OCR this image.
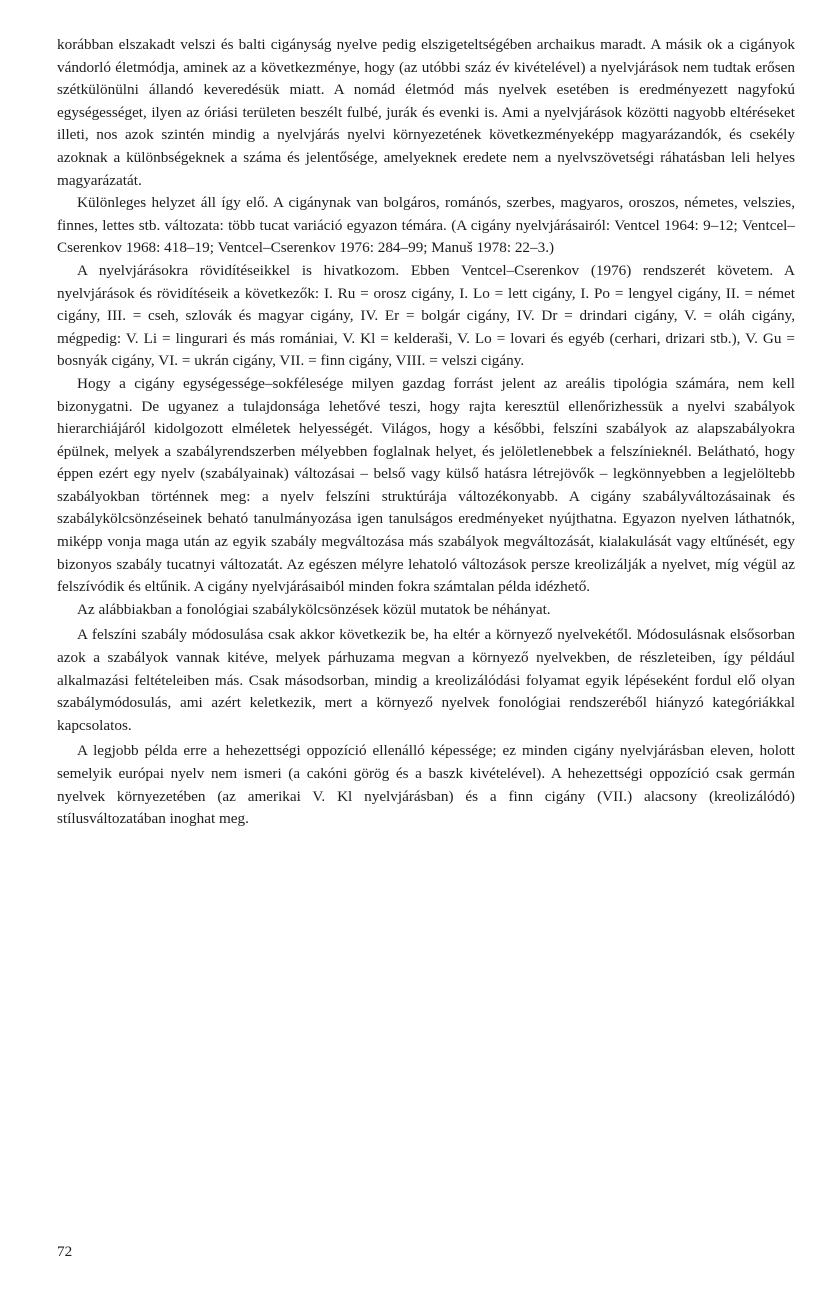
korábban elszakadt velszi és balti cigányság nyelve pedig elszigeteltségében archaikus maradt. A másik ok a cigányok vándorló életmódja, aminek az a következménye, hogy (az utóbbi száz év kivételével) a nyelvjárások nem tudtak erősen szétkülönülni állandó keveredésük miatt. A nomád életmód más nyelvek esetében is eredményezett nagyfokú egységességet, ilyen az óriási területen beszélt fulbé, jurák és evenki is. Ami a nyelvjárások közötti nagyobb eltéréseket illeti, nos azok szintén mindig a nyelvjárás nyelvi környezetének következményeképp magyarázandók, és csekély azoknak a különbségeknek a száma és jelentősége, amelyeknek eredete nem a nyelvszövetségi ráhatásban leli helyes magyarázatát.

Különleges helyzet áll így elő. A cigánynak van bolgáros, románós, szerbes, magyaros, oroszos, németes, velszies, finnes, lettes stb. változata: több tucat variáció egyazon témára. (A cigány nyelvjárásairól: Ventcel 1964: 9–12; Ventcel–Cserenkov 1968: 418–19; Ventcel–Cserenkov 1976: 284–99; Manuš 1978: 22–3.)

A nyelvjárásokra rövidítéseikkel is hivatkozom. Ebben Ventcel–Cserenkov (1976) rendszerét követem. A nyelvjárások és rövidítéseik a következők: I. Ru = orosz cigány, I. Lo = lett cigány, I. Po = lengyel cigány, II. = német cigány, III. = cseh, szlovák és magyar cigány, IV. Er = bolgár cigány, IV. Dr = drindari cigány, V. = oláh cigány, mégpedig: V. Li = lingurari és más romániai, V. Kl = kelderaši, V. Lo = lovari és egyéb (cerhari, drizari stb.), V. Gu = bosnyák cigány, VI. = ukrán cigány, VII. = finn cigány, VIII. = velszi cigány.

Hogy a cigány egységessége–sokfélesége milyen gazdag forrást jelent az areális tipológia számára, nem kell bizonygatni. De ugyanez a tulajdonsága lehetővé teszi, hogy rajta keresztül ellenőrizhessük a nyelvi szabályok hierarchiájáról kidolgozott elméletek helyességét. Világos, hogy a későbbi, felszíni szabályok az alapszabályokra épülnek, melyek a szabályrendszerben mélyebben foglalnak helyet, és jelöletlenebbek a felszínieknél. Belátható, hogy éppen ezért egy nyelv (szabályainak) változásai – belső vagy külső hatásra létrejövők – legkönnyebben a legjelöltebb szabályokban történnek meg: a nyelv felszíni struktúrája változékonyabb. A cigány szabályváltozásainak és szabálykölcsönzéseinek beható tanulmányozása igen tanulságos eredményeket nyújthatna. Egyazon nyelven láthatnók, miképp vonja maga után az egyik szabály megváltozása más szabályok megváltozását, kialakulását vagy eltűnését, egy bizonyos szabály tucatnyi változatát. Az egészen mélyre lehatoló változások persze kreolizálják a nyelvet, míg végül az felszívódik és eltűnik. A cigány nyelvjárásaiból minden fokra számtalan példa idézhető.

Az alábbiakban a fonológiai szabálykölcsönzések közül mutatok be néhányat.

A felszíni szabály módosulása csak akkor következik be, ha eltér a környező nyelvekétől. Módosulásnak elsősorban azok a szabályok vannak kitéve, melyek párhuzama megvan a környező nyelvekben, de részleteiben, így például alkalmazási feltételeiben más. Csak másodsorban, mindig a kreolizálódási folyamat egyik lépéseként fordul elő olyan szabálymódosulás, ami azért keletkezik, mert a környező nyelvek fonológiai rendszeréből hiányzó kategóriákkal kapcsolatos.

A legjobb példa erre a hehezettségi oppozíció ellenálló képessége; ez minden cigány nyelvjárásban eleven, holott semelyik európai nyelv nem ismeri (a cakóni görög és a baszk kivételével). A hehezettségi oppozíció csak germán nyelvek környezetében (az amerikai V. Kl nyelvjárásban) és a finn cigány (VII.) alacsony (kreolizálódó) stílusváltozatában inoghat meg.

72
